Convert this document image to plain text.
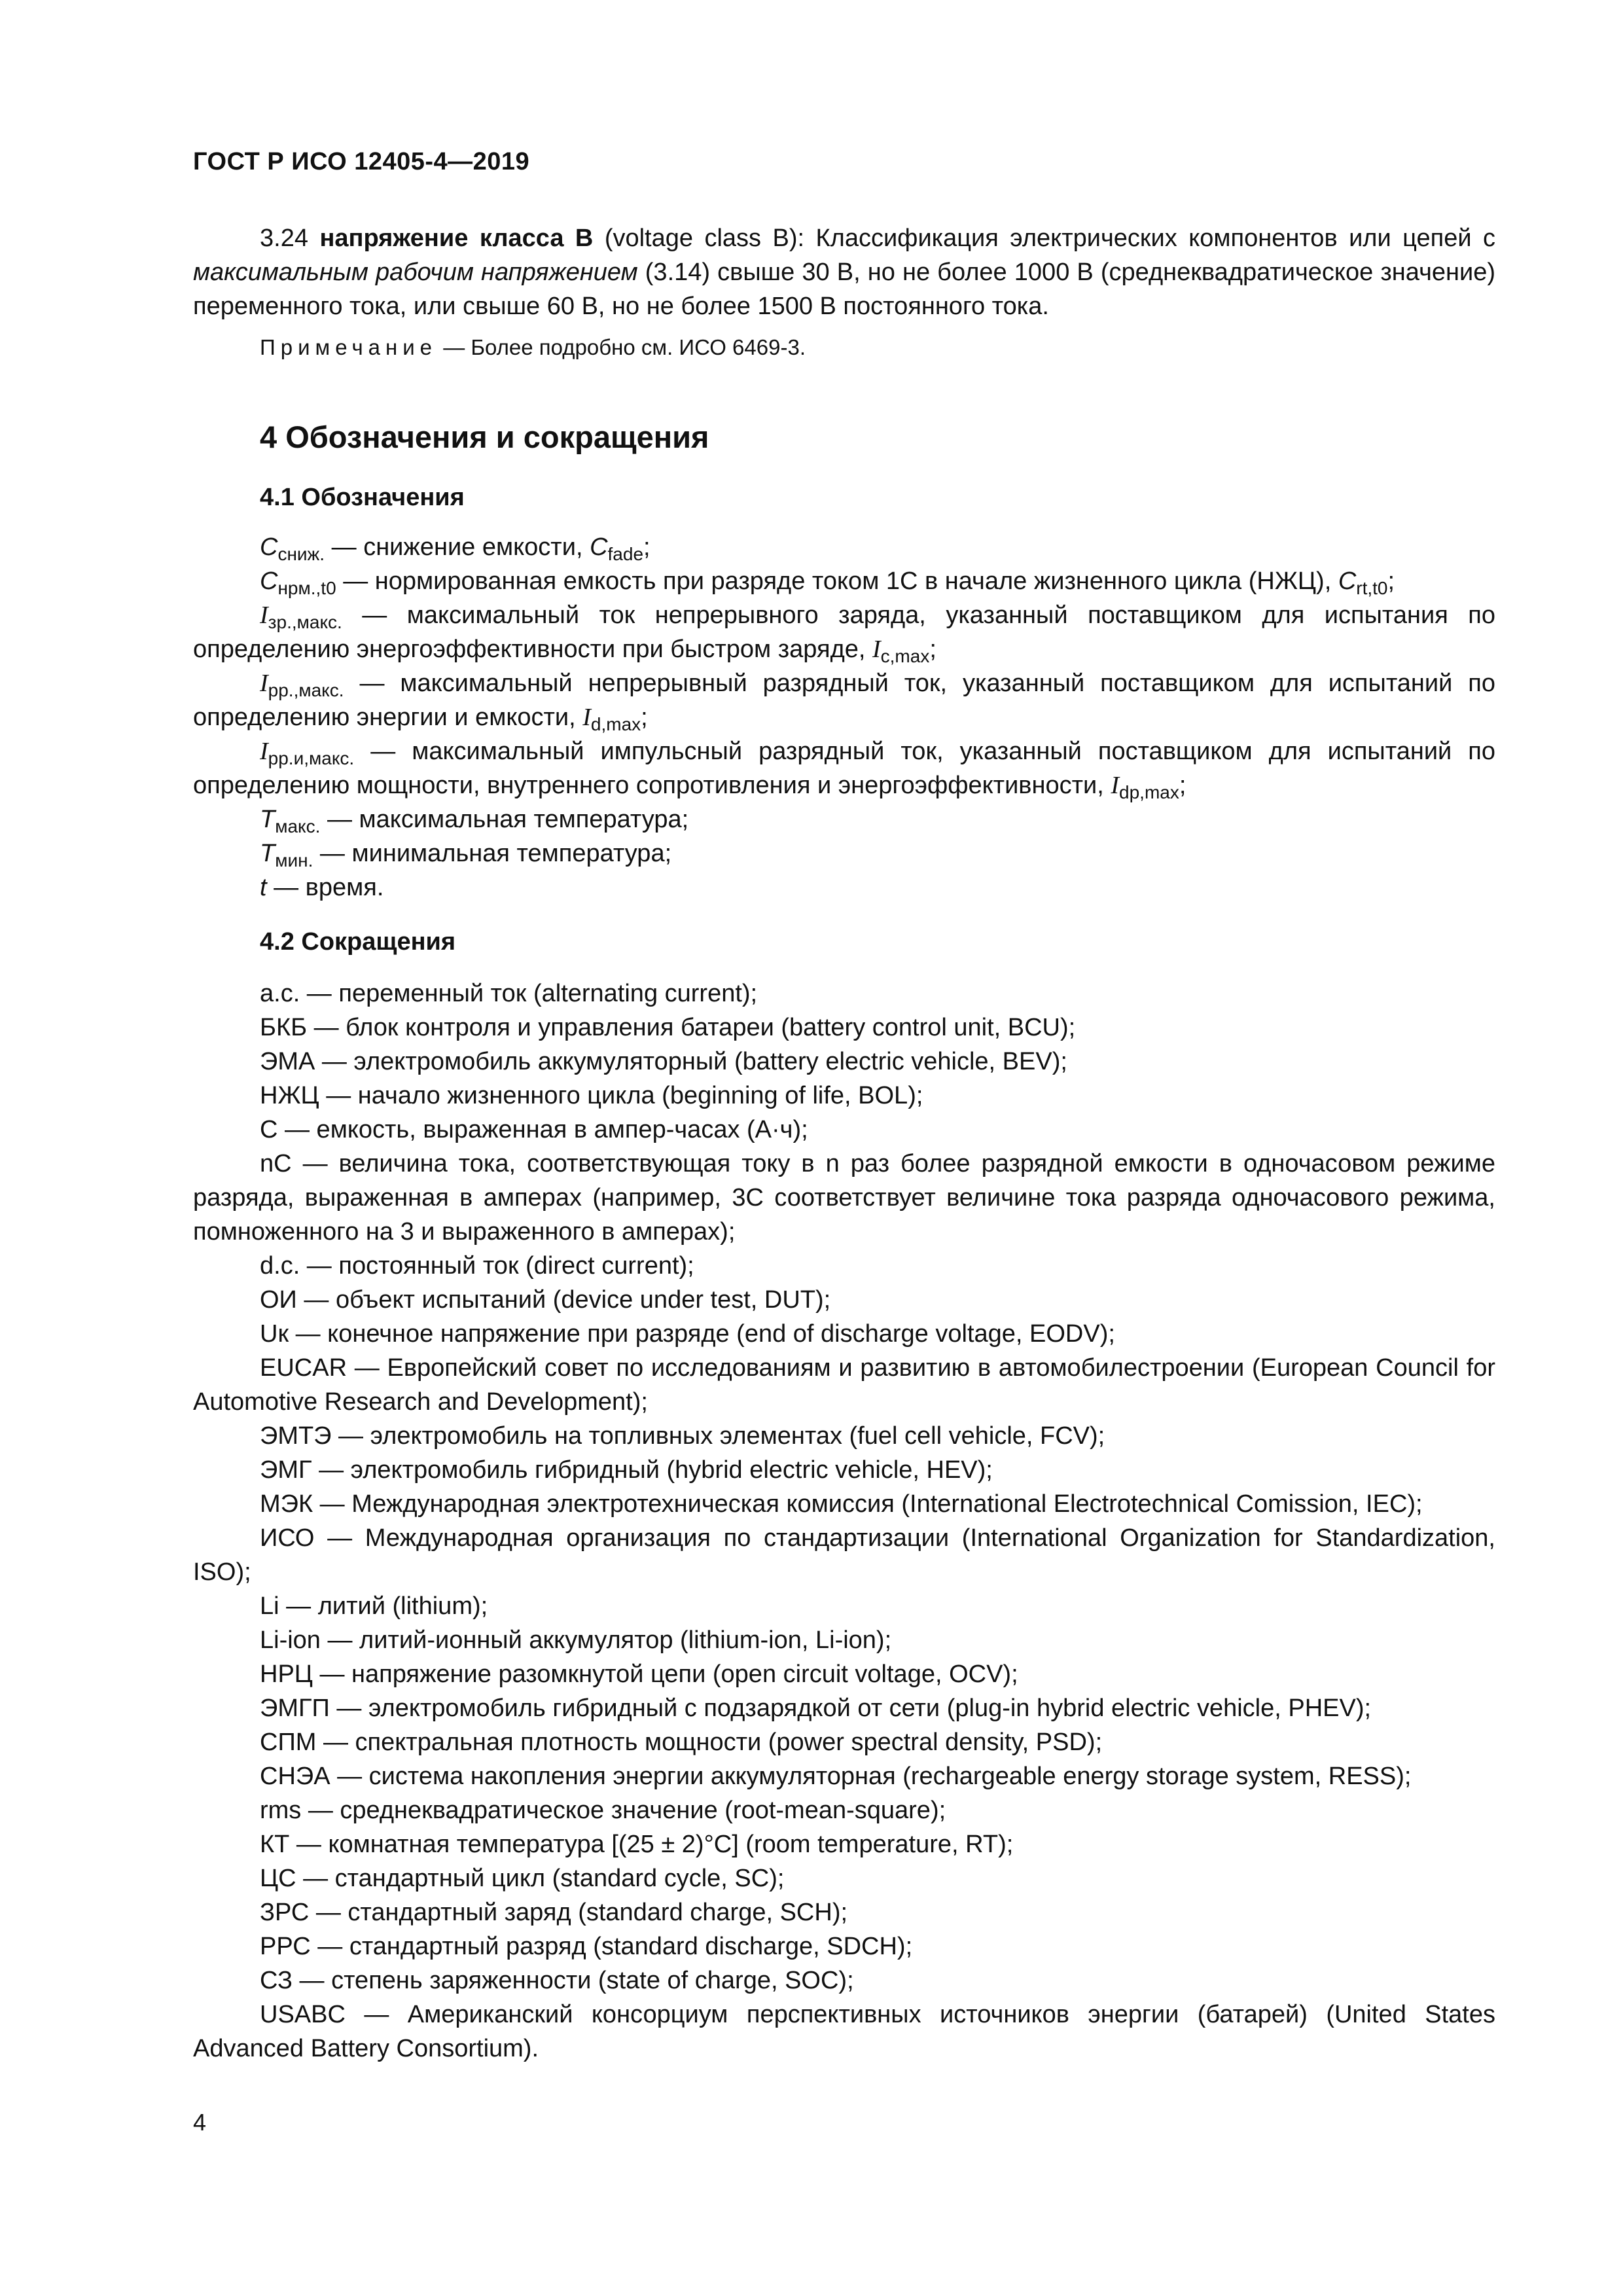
ГОСТ Р ИСО 12405-4—2019
3.24 напряжение класса В (voltage class В): Классификация электрических компонентов или цепей с максимальным рабочим напряжением (3.14) свыше 30 В, но не более 1000 В (среднеквадратическое значение) переменного тока, или свыше 60 В, но не более 1500 В постоянного тока.
Примечание — Более подробно см. ИСО 6469-3.
4 Обозначения и сокращения
4.1 Обозначения
$C_{сниж.}$ — снижение емкости, $C_{fade}$;
$C_{нрм.,t0}$ — нормированная емкость при разряде током 1C в начале жизненного цикла (НЖЦ), $C_{rt,t0}$;
$I_{зр.,макс.}$ — максимальный ток непрерывного заряда, указанный поставщиком для испытания по определению энергоэффективности при быстром заряде, $I_{c,max}$;
$I_{рр.,макс.}$ — максимальный непрерывный разрядный ток, указанный поставщиком для испытаний по определению энергии и емкости, $I_{d,max}$;
$I_{рр.и,макс.}$ — максимальный импульсный разрядный ток, указанный поставщиком для испытаний по определению мощности, внутреннего сопротивления и энергоэффективности, $I_{dp,max}$;
$T_{макс.}$ — максимальная температура;
$T_{мин.}$ — минимальная температура;
t — время.
4.2 Сокращения
а.с. — переменный ток (alternating current);
БКБ — блок контроля и управления батареи (battery control unit, BCU);
ЭМА — электромобиль аккумуляторный (battery electric vehicle, BEV);
НЖЦ — начало жизненного цикла (beginning of life, BOL);
C — емкость, выраженная в ампер-часах (А·ч);
nC — величина тока, соответствующая току в n раз более разрядной емкости в одночасовом режиме разряда, выраженная в амперах (например, 3C соответствует величине тока разряда одночасового режима, помноженного на 3 и выраженного в амперах);
d.c. — постоянный ток (direct current);
ОИ — объект испытаний (device under test, DUT);
Uк — конечное напряжение при разряде (end of discharge voltage, EODV);
EUCAR — Европейский совет по исследованиям и развитию в автомобилестроении (European Council for Automotive Research and Development);
ЭМТЭ — электромобиль на топливных элементах (fuel cell vehicle, FCV);
ЭМГ — электромобиль гибридный (hybrid electric vehicle, HEV);
МЭК — Международная электротехническая комиссия (International Electrotechnical Comission, IEC);
ИСО — Международная организация по стандартизации (International Organization for Standardization, ISO);
Li — литий (lithium);
Li-ion — литий-ионный аккумулятор (lithium-ion, Li-ion);
НРЦ — напряжение разомкнутой цепи (open circuit voltage, OCV);
ЭМГП — электромобиль гибридный с подзарядкой от сети (plug-in hybrid electric vehicle, PHEV);
СПМ — спектральная плотность мощности (power spectral density, PSD);
СНЭА — система накопления энергии аккумуляторная (rechargeable energy storage system, RESS);
rms — среднеквадратическое значение (root-mean-square);
КТ — комнатная температура [(25 ± 2)°С] (room temperature, RT);
ЦС — стандартный цикл (standard cycle, SC);
ЗРС — стандартный заряд (standard charge, SCH);
РРС — стандартный разряд (standard discharge, SDCH);
СЗ — степень заряженности (state of charge, SOC);
USABC — Американский консорциум перспективных источников энергии (батарей) (United States Advanced Battery Consortium).
4
